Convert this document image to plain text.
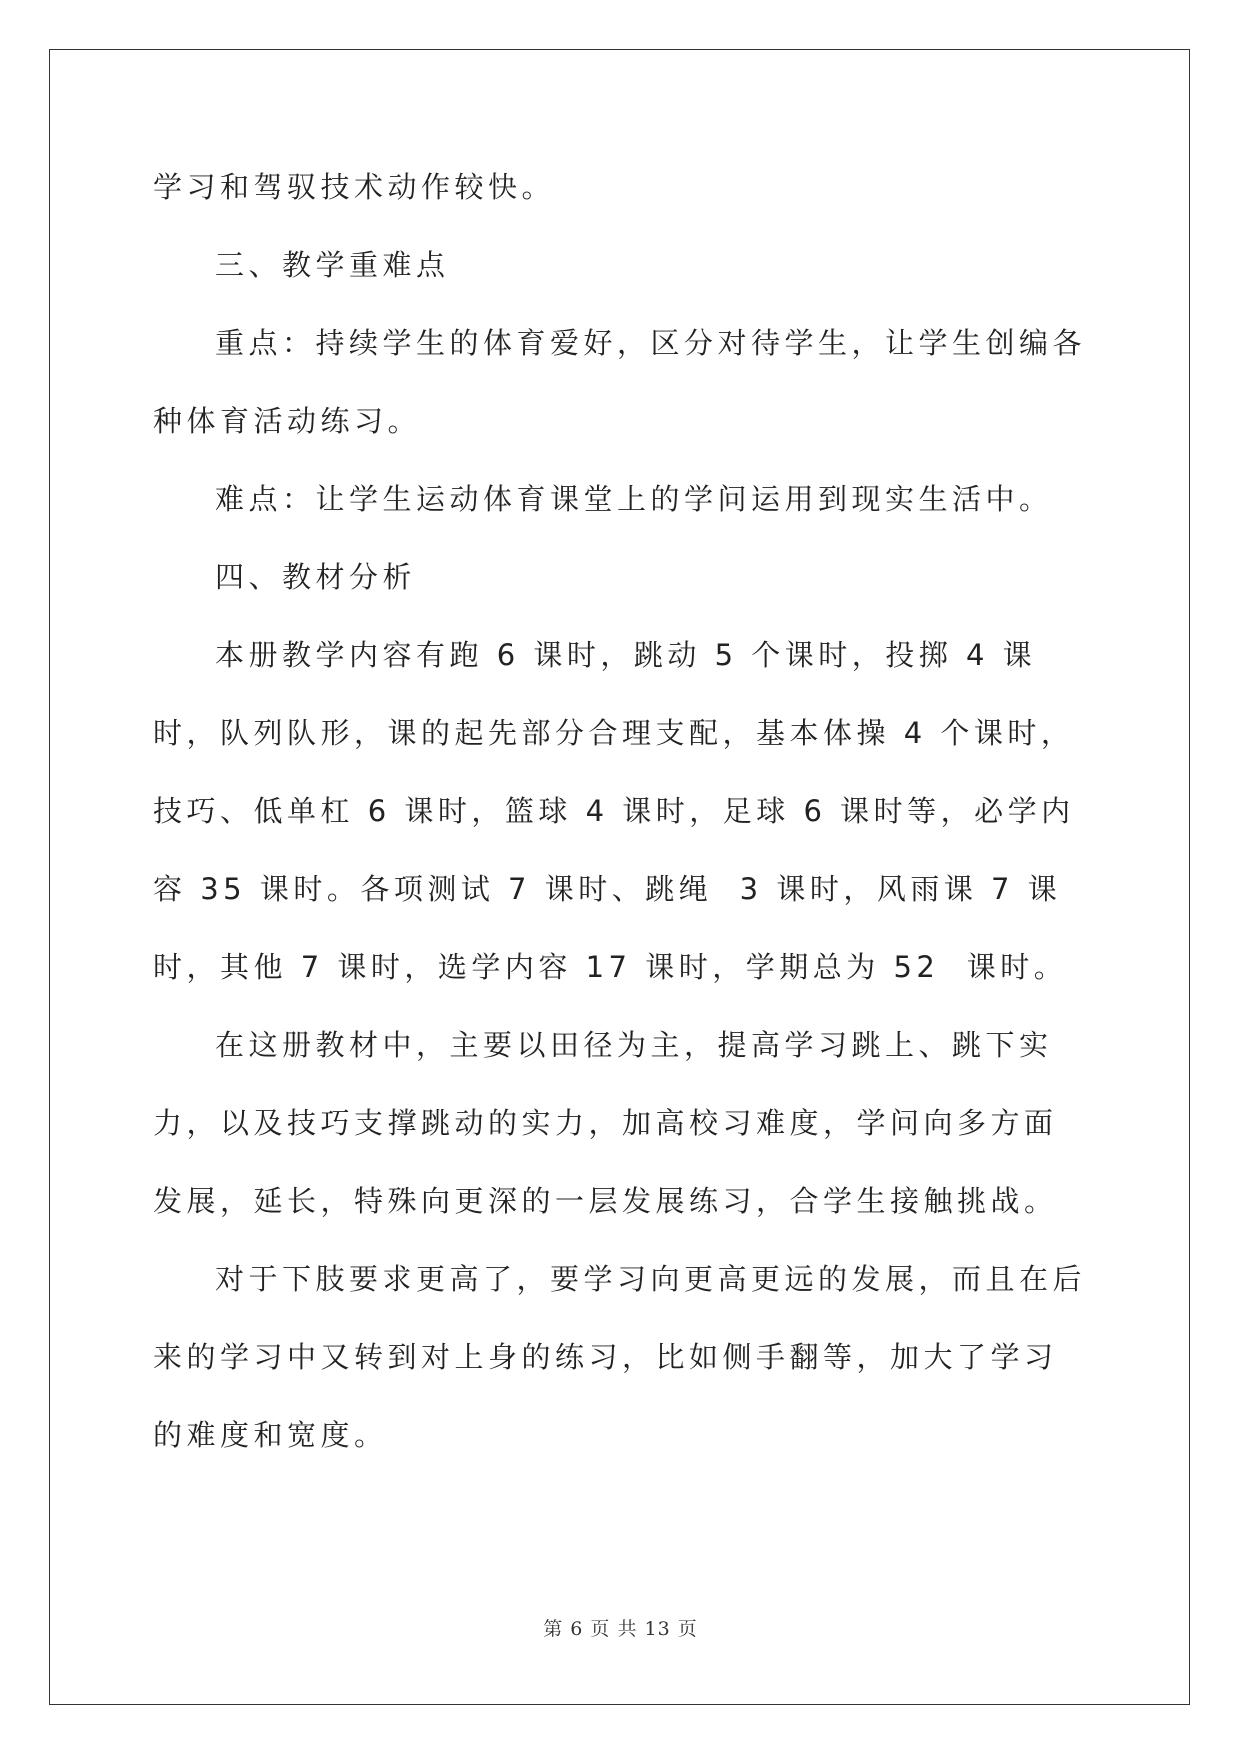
学习和驾驭技术动作较快。

三、教学重难点

重点：持续学生的体育爱好，区分对待学生，让学生创编各种体育活动练习。

难点：让学生运动体育课堂上的学问运用到现实生活中。

四、教材分析

本册教学内容有跑 6 课时，跳动 5 个课时，投掷 4 课时，队列队形，课的起先部分合理支配，基本体操 4 个课时，技巧、低单杠 6 课时，篮球 4 课时，足球 6 课时等，必学内容 35 课时。各项测试 7 课时、跳绳  3 课时，风雨课 7 课时，其他 7 课时，选学内容 17 课时，学期总为 52  课时。

在这册教材中，主要以田径为主，提高学习跳上、跳下实力，以及技巧支撑跳动的实力，加高校习难度，学问向多方面发展，延长，特殊向更深的一层发展练习，合学生接触挑战。

对于下肢要求更高了，要学习向更高更远的发展，而且在后来的学习中又转到对上身的练习，比如侧手翻等，加大了学习的难度和宽度。

第 6 页 共 13 页
